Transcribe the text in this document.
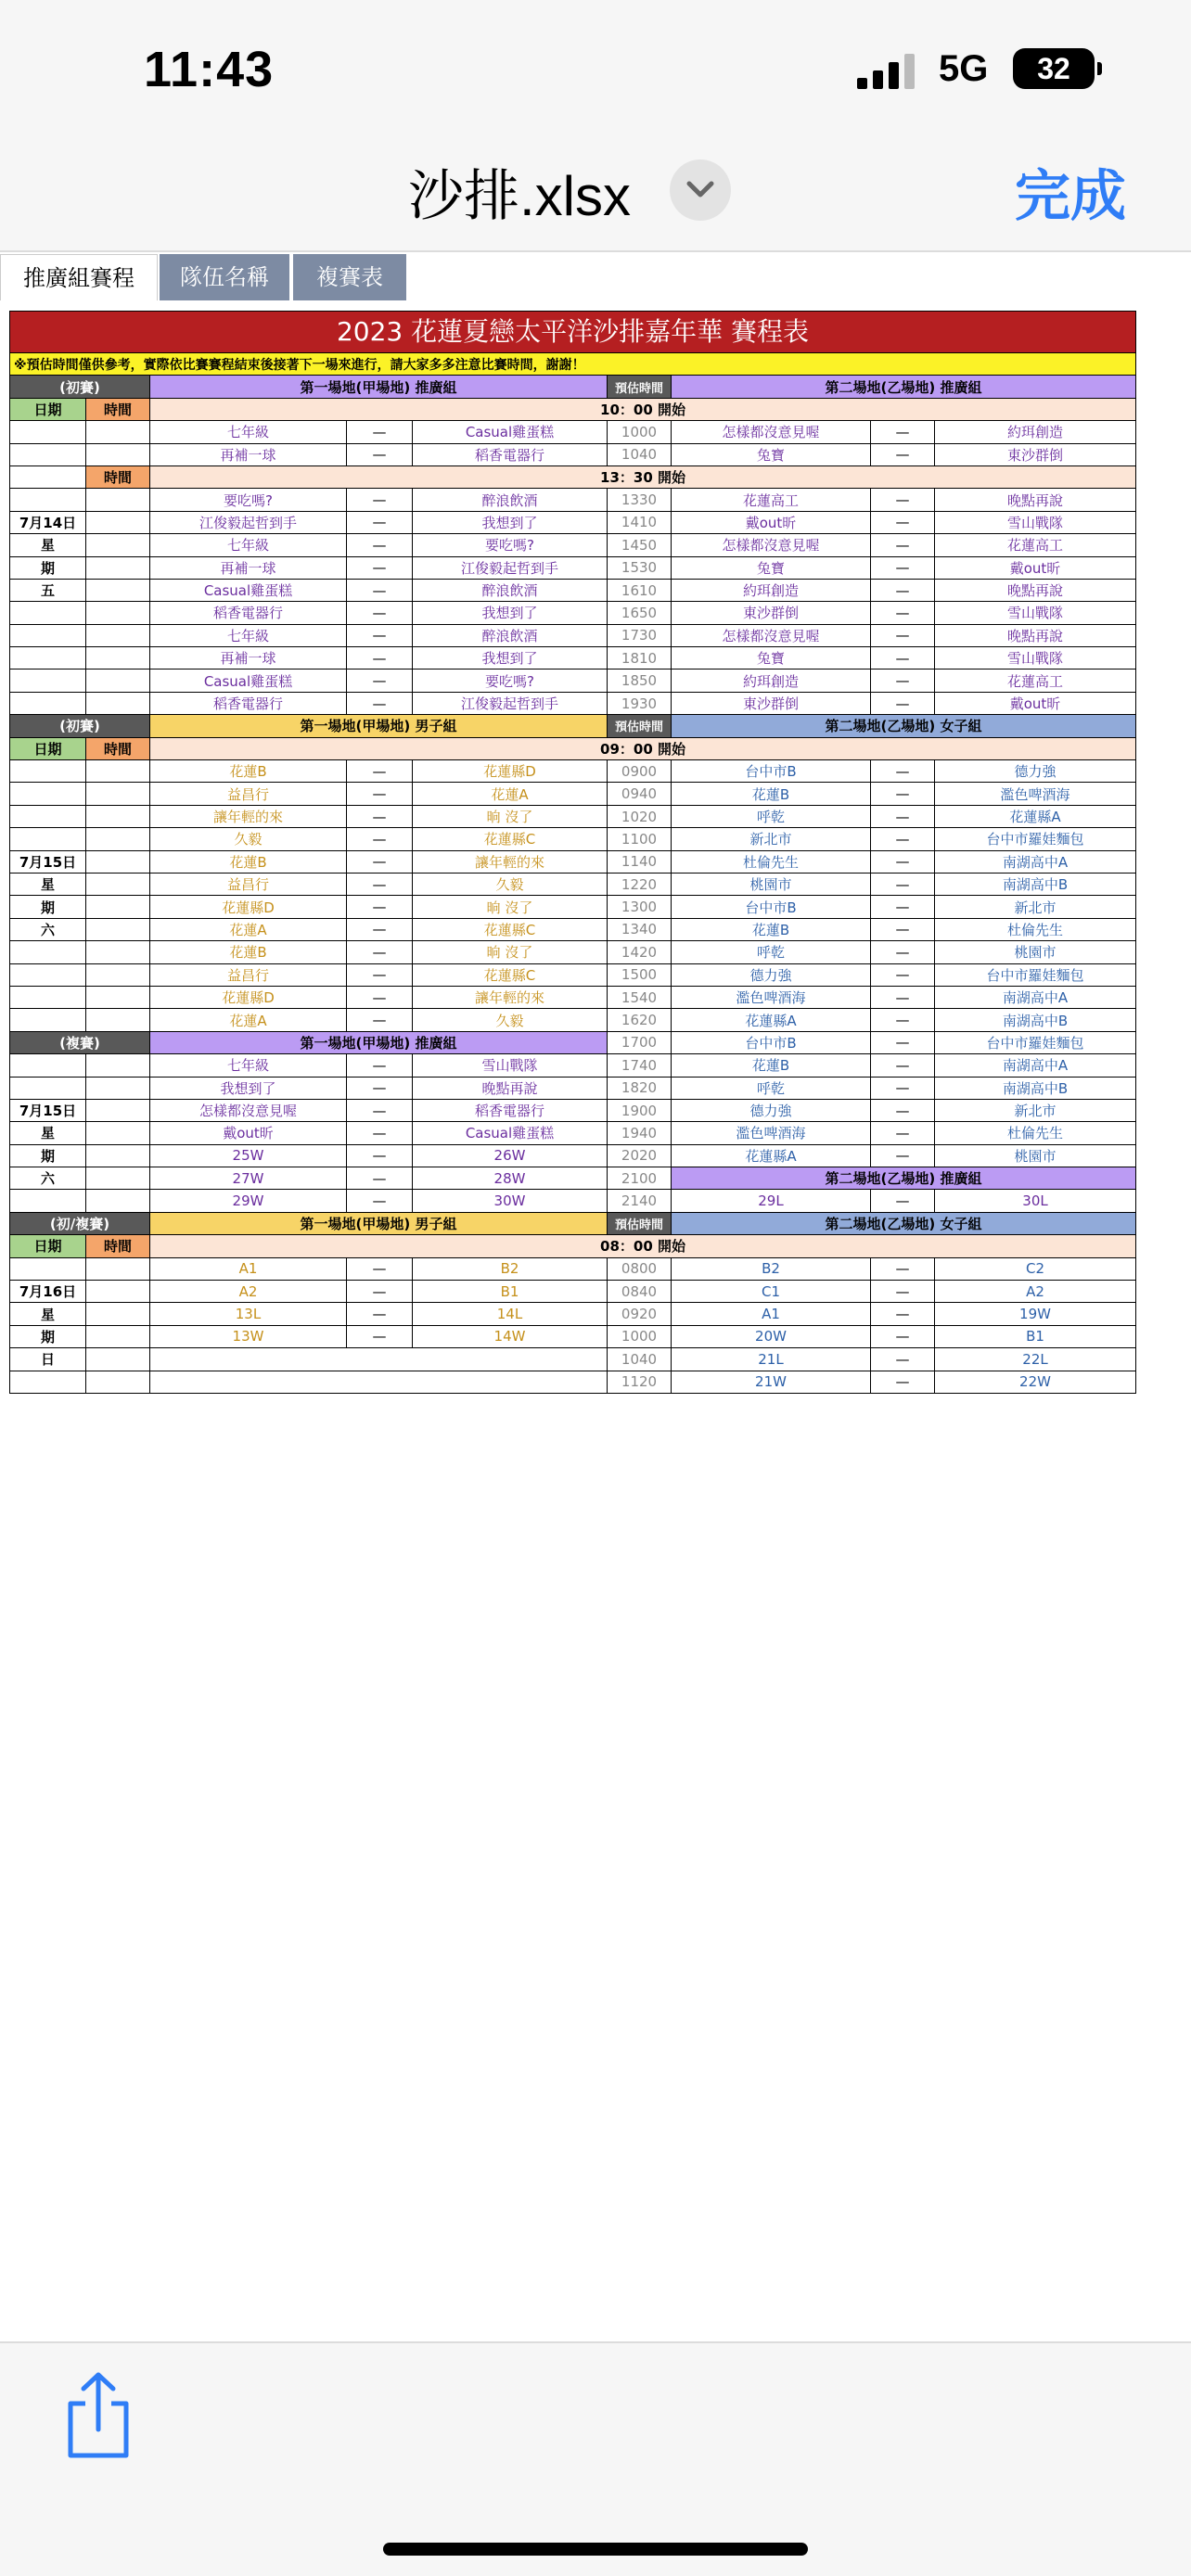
11:43	5G	32
沙排.xlsx	完成
推廣組賽程	隊伍名稱	複賽表
2023 花蓮夏戀太平洋沙排嘉年華 賽程表								
※預估時間僅供參考，實際依比賽賽程結束後接著下一場來進行，請大家多多注意比賽時間，謝謝！								
(初賽)		第一場地(甲場地) 推廣組			預估時間	第二場地(乙場地) 推廣組		
日期	時間	10：00 開始						
		七年級	—	Casual雞蛋糕	1000	怎樣都沒意見喔	—	約珥創造
		再補一球	—	稻香電器行	1040	兔寶	—	東沙群倒
	時間	13：30 開始						
		要吃嗎?	—	醉浪飲酒	1330	花蓮高工	—	晚點再說
7月14日		江俊毅起哲到手	—	我想到了	1410	戴out昕	—	雪山戰隊
星		七年級	—	要吃嗎?	1450	怎樣都沒意見喔	—	花蓮高工
期		再補一球	—	江俊毅起哲到手	1530	兔寶	—	戴out昕
五		Casual雞蛋糕	—	醉浪飲酒	1610	約珥創造	—	晚點再說
		稻香電器行	—	我想到了	1650	東沙群倒	—	雪山戰隊
		七年級	—	醉浪飲酒	1730	怎樣都沒意見喔	—	晚點再說
		再補一球	—	我想到了	1810	兔寶	—	雪山戰隊
		Casual雞蛋糕	—	要吃嗎?	1850	約珥創造	—	花蓮高工
		稻香電器行	—	江俊毅起哲到手	1930	東沙群倒	—	戴out昕
(初賽)		第一場地(甲場地) 男子組			預估時間	第二場地(乙場地) 女子組		
日期	時間	09：00 開始						
		花蓮B	—	花蓮縣D	0900	台中市B	—	德力強
		益昌行	—	花蓮A	0940	花蓮B	—	濫色啤酒海
		讓年輕的來	—	晌 沒了	1020	呼乾	—	花蓮縣A
		久毅	—	花蓮縣C	1100	新北市	—	台中市羅娃麵包
7月15日		花蓮B	—	讓年輕的來	1140	杜倫先生	—	南湖高中A
星		益昌行	—	久毅	1220	桃園市	—	南湖高中B
期		花蓮縣D	—	晌 沒了	1300	台中市B	—	新北市
六		花蓮A	—	花蓮縣C	1340	花蓮B	—	杜倫先生
		花蓮B	—	晌 沒了	1420	呼乾	—	桃園市
		益昌行	—	花蓮縣C	1500	德力強	—	台中市羅娃麵包
		花蓮縣D	—	讓年輕的來	1540	濫色啤酒海	—	南湖高中A
		花蓮A	—	久毅	1620	花蓮縣A	—	南湖高中B
(複賽)		第一場地(甲場地) 推廣組			1700	台中市B	—	台中市羅娃麵包
		七年級	—	雪山戰隊	1740	花蓮B	—	南湖高中A
		我想到了	—	晚點再說	1820	呼乾	—	南湖高中B
7月15日		怎樣都沒意見喔	—	稻香電器行	1900	德力強	—	新北市
星		戴out昕	—	Casual雞蛋糕	1940	濫色啤酒海	—	杜倫先生
期		25W	—	26W	2020	花蓮縣A	—	桃園市
六		27W	—	28W	2100	第二場地(乙場地) 推廣組		
		29W	—	30W	2140	29L	—	30L
(初/複賽)		第一場地(甲場地) 男子組			預估時間	第二場地(乙場地) 女子組		
日期	時間	08：00 開始						
		A1	—	B2	0800	B2	—	C2
7月16日		A2	—	B1	0840	C1	—	A2
星		13L	—	14L	0920	A1	—	19W
期		13W	—	14W	1000	20W	—	B1
日					1040	21L	—	22L
					1120	21W	—	22W
